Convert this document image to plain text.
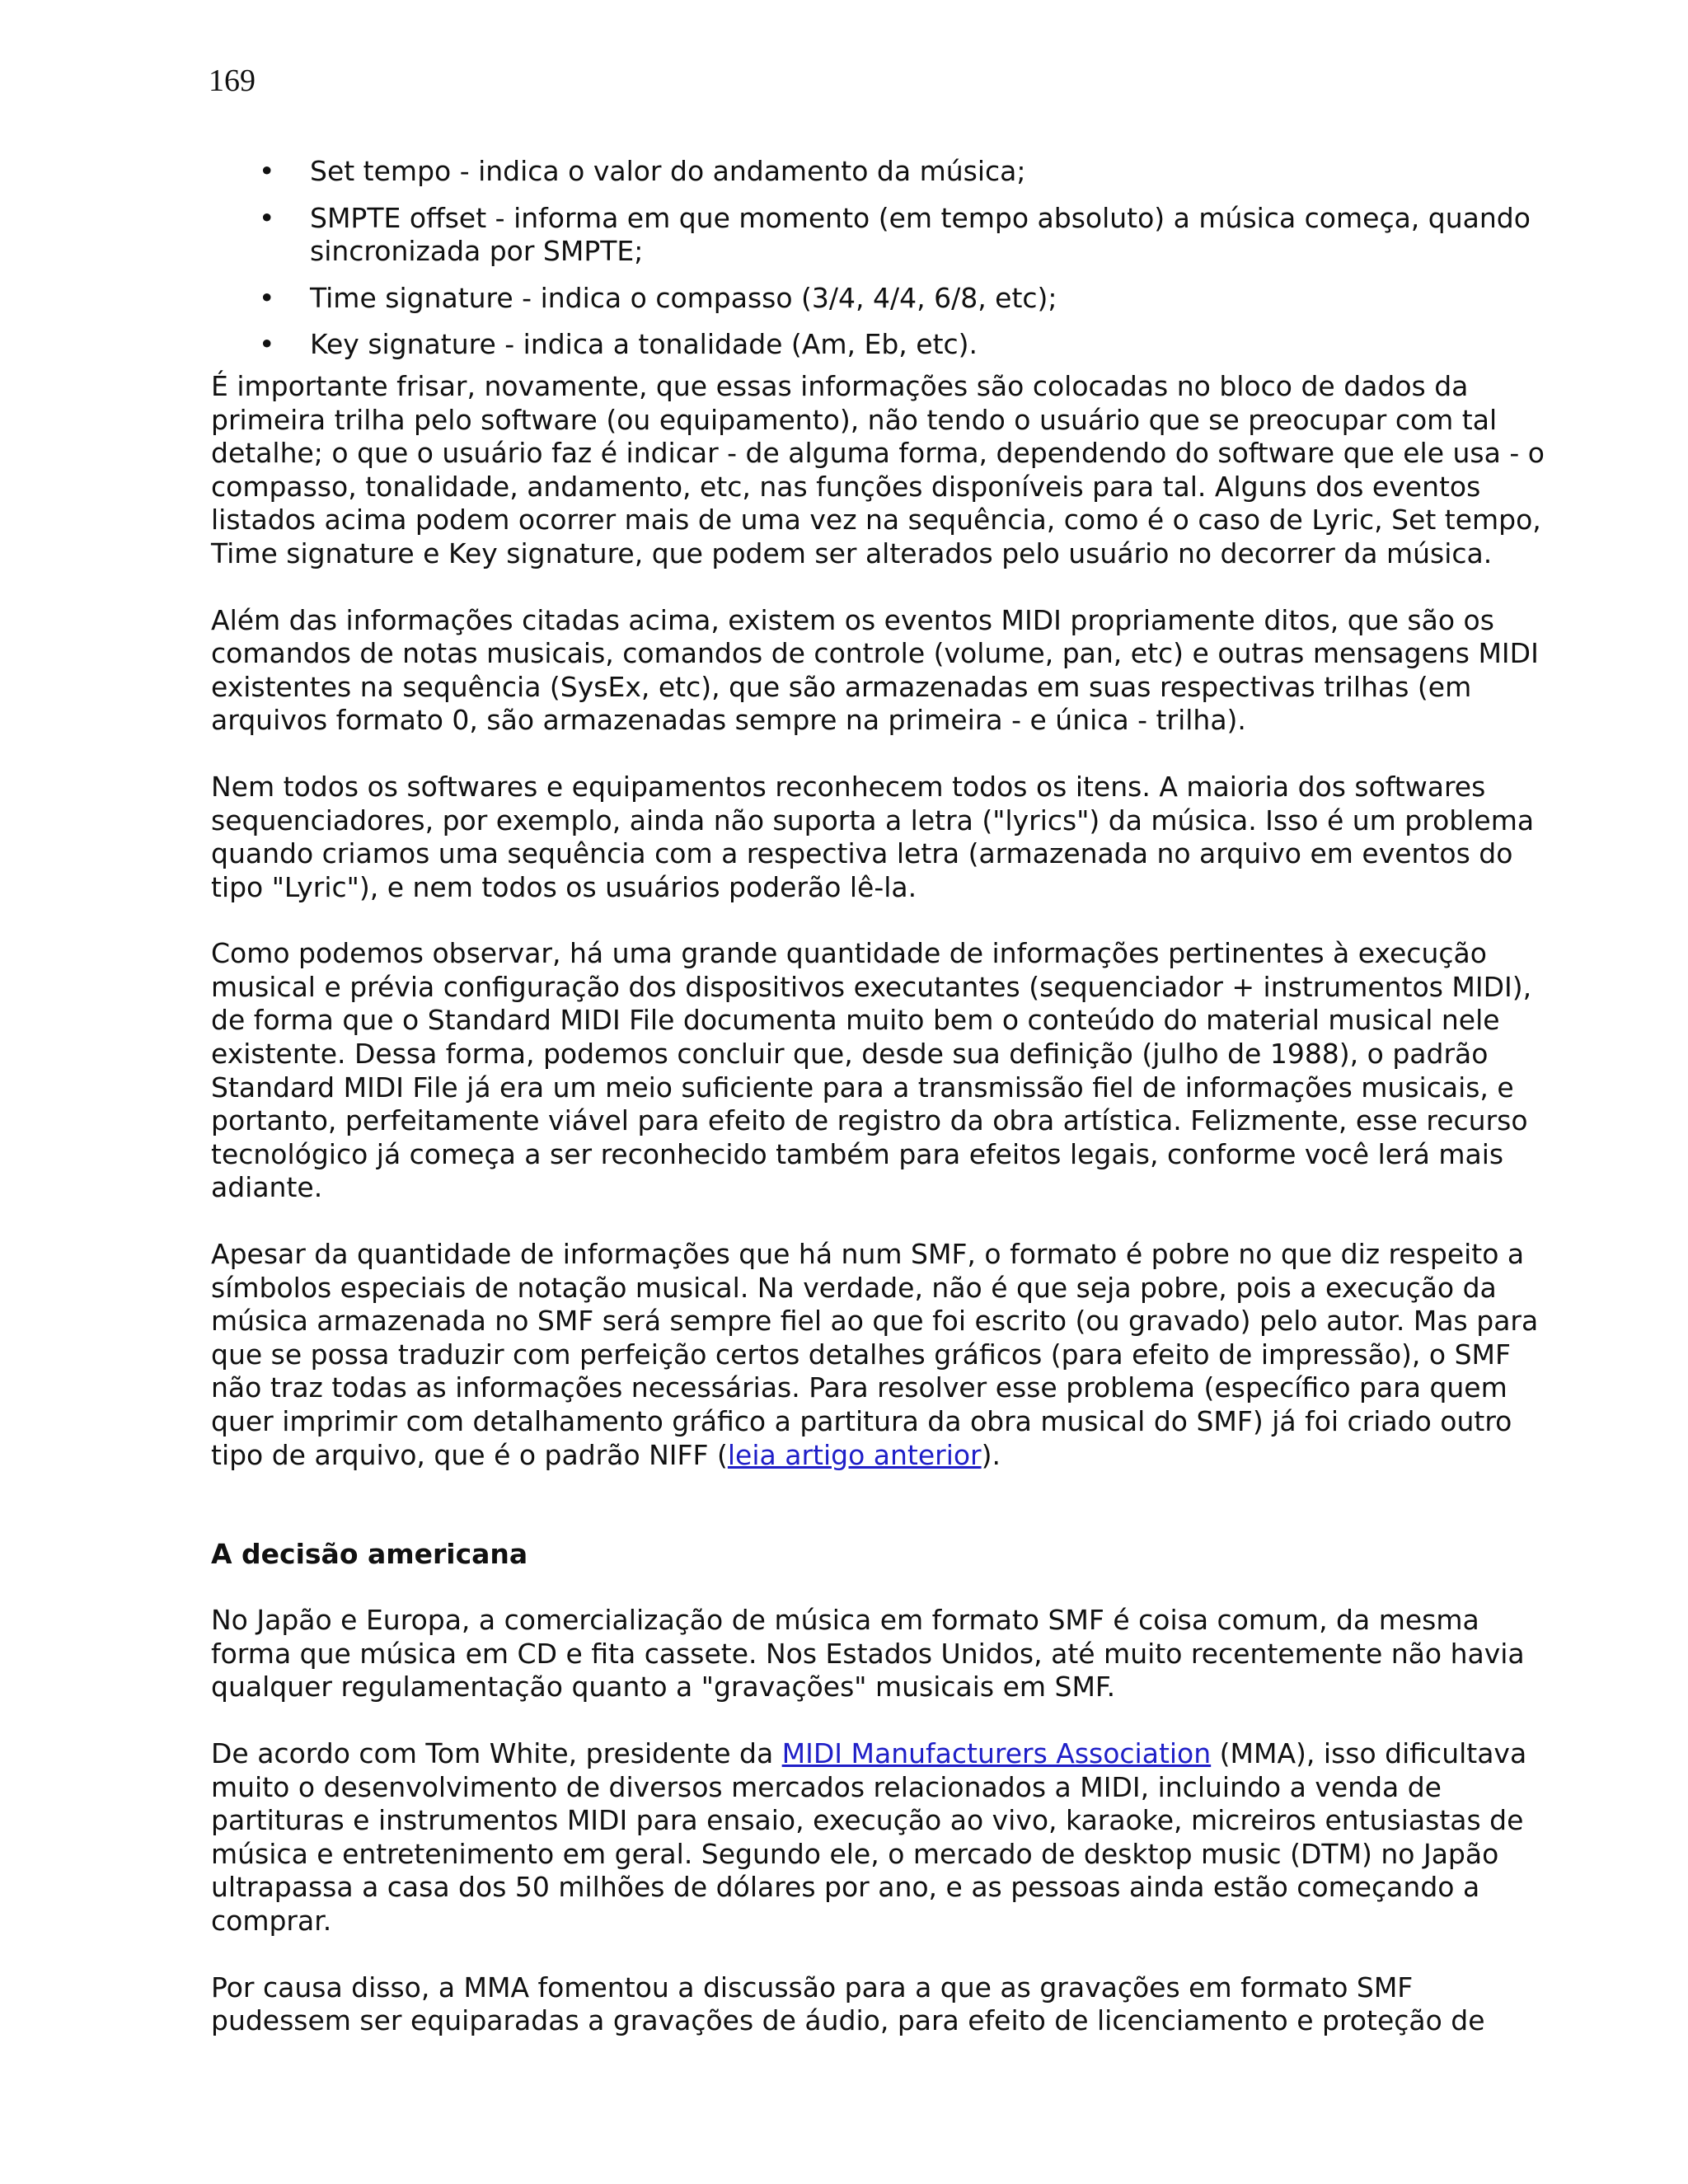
169
• Set tempo - indica o valor do andamento da música;
• SMPTE offset - informa em que momento (em tempo absoluto) a música começa, quando sincronizada por SMPTE;
• Time signature - indica o compasso (3/4, 4/4, 6/8, etc);
• Key signature - indica a tonalidade (Am, Eb, etc).

É importante frisar, novamente, que essas informações são colocadas no bloco de dados da primeira trilha pelo software (ou equipamento), não tendo o usuário que se preocupar com tal detalhe; o que o usuário faz é indicar - de alguma forma, dependendo do software que ele usa - o compasso, tonalidade, andamento, etc, nas funções disponíveis para tal. Alguns dos eventos listados acima podem ocorrer mais de uma vez na sequência, como é o caso de Lyric, Set tempo, Time signature e Key signature, que podem ser alterados pelo usuário no decorrer da música.

Além das informações citadas acima, existem os eventos MIDI propriamente ditos, que são os comandos de notas musicais, comandos de controle (volume, pan, etc) e outras mensagens MIDI existentes na sequência (SysEx, etc), que são armazenadas em suas respectivas trilhas (em arquivos formato 0, são armazenadas sempre na primeira - e única - trilha).

Nem todos os softwares e equipamentos reconhecem todos os itens. A maioria dos softwares sequenciadores, por exemplo, ainda não suporta a letra ("lyrics") da música. Isso é um problema quando criamos uma sequência com a respectiva letra (armazenada no arquivo em eventos do tipo "Lyric"), e nem todos os usuários poderão lê-la.

Como podemos observar, há uma grande quantidade de informações pertinentes à execução musical e prévia configuração dos dispositivos executantes (sequenciador + instrumentos MIDI), de forma que o Standard MIDI File documenta muito bem o conteúdo do material musical nele existente. Dessa forma, podemos concluir que, desde sua definição (julho de 1988), o padrão Standard MIDI File já era um meio suficiente para a transmissão fiel de informações musicais, e portanto, perfeitamente viável para efeito de registro da obra artística. Felizmente, esse recurso tecnológico já começa a ser reconhecido também para efeitos legais, conforme você lerá mais adiante.

Apesar da quantidade de informações que há num SMF, o formato é pobre no que diz respeito a símbolos especiais de notação musical. Na verdade, não é que seja pobre, pois a execução da música armazenada no SMF será sempre fiel ao que foi escrito (ou gravado) pelo autor. Mas para que se possa traduzir com perfeição certos detalhes gráficos (para efeito de impressão), o SMF não traz todas as informações necessárias. Para resolver esse problema (específico para quem quer imprimir com detalhamento gráfico a partitura da obra musical do SMF) já foi criado outro tipo de arquivo, que é o padrão NIFF (leia artigo anterior).

A decisão americana

No Japão e Europa, a comercialização de música em formato SMF é coisa comum, da mesma forma que música em CD e fita cassete. Nos Estados Unidos, até muito recentemente não havia qualquer regulamentação quanto a "gravações" musicais em SMF.

De acordo com Tom White, presidente da MIDI Manufacturers Association (MMA), isso dificultava muito o desenvolvimento de diversos mercados relacionados a MIDI, incluindo a venda de partituras e instrumentos MIDI para ensaio, execução ao vivo, karaoke, micreiros entusiastas de música e entretenimento em geral. Segundo ele, o mercado de desktop music (DTM) no Japão ultrapassa a casa dos 50 milhões de dólares por ano, e as pessoas ainda estão começando a comprar.

Por causa disso, a MMA fomentou a discussão para a que as gravações em formato SMF pudessem ser equiparadas a gravações de áudio, para efeito de licenciamento e proteção de
